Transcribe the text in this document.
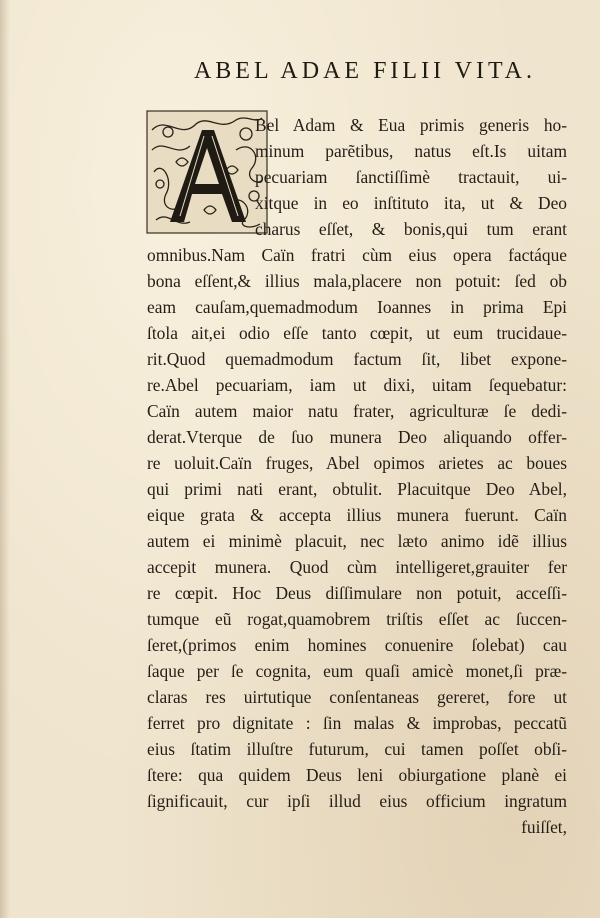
ABEL ADAE FILII VITA.
Bel Adam & Eua primis generis ho-
minum parẽtibus, natus eſt.Is uitam
pecuariam ſanctiſſimè tractauit, ui-
xitque in eo inſtituto ita, ut & Deo
charus eſſet, & bonis,qui tum erant
omnibus.Nam Caïn fratri cùm eius opera factáque
bona eſſent,& illius mala,placere non potuit: ſed ob
eam cauſam,quemadmodum Ioannes in prima Epi
ſtola ait,ei odio eſſe tanto cœpit, ut eum trucidaue-
rit.Quod quemadmodum factum ſit, libet expone-
re.Abel pecuariam, iam ut dixi, uitam ſequebatur:
Caïn autem maior natu frater, agriculturæ ſe dedi-
derat.Vterque de ſuo munera Deo aliquando offer-
re uoluit.Caïn fruges, Abel opimos arietes ac boues
qui primi nati erant, obtulit. Placuitque Deo Abel,
eique grata & accepta illius munera fuerunt. Caïn
autem ei minimè placuit, nec læto animo idẽ illius
accepit munera. Quod cùm intelligeret,grauiter fer
re cœpit. Hoc Deus diſſimulare non potuit, acceſſi-
tumque eũ rogat,quamobrem triſtis eſſet ac ſuccen-
ſeret,(primos enim homines conuenire ſolebat) cau
ſaque per ſe cognita, eum quaſi amicè monet,ſi præ-
claras res uirtutique conſentaneas gereret, fore ut
ferret pro dignitate : ſin malas & improbas, peccatũ
eius ſtatim illuſtre futurum, cui tamen poſſet obſi-
ſtere: qua quidem Deus leni obiurgatione planè ei
ſignificauit, cur ipſi illud eius officium ingratum
fuiſſet,
